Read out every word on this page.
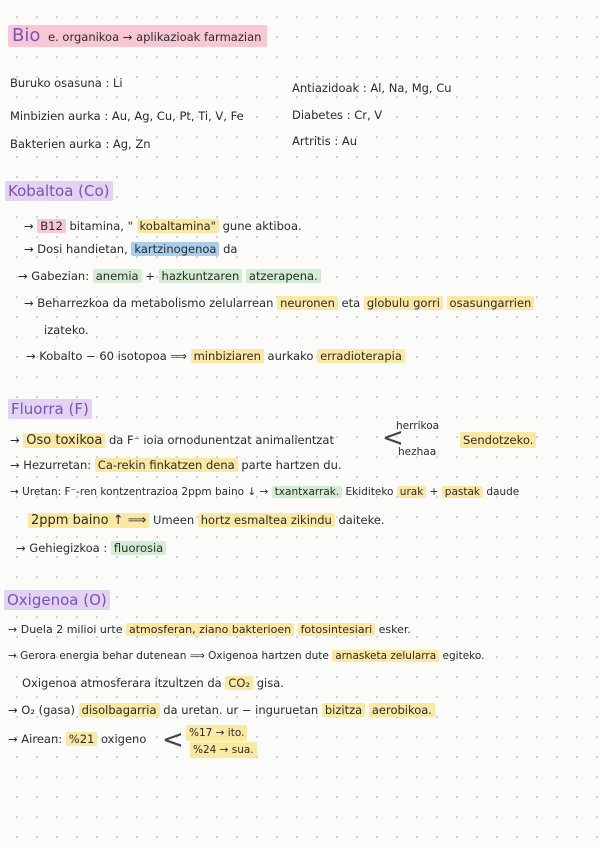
Bio e. organikoa → aplikazioak farmazian
Buruko osasuna : Li
Minbizien aurka : Au, Ag, Cu, Pt, Ti, V, Fe
Bakterien aurka : Ag, Zn
Antiazidoak : Al, Na, Mg, Cu
Diabetes : Cr, V
Artritis : Au
Kobaltoa (Co)
→ B12 bitamina, " kobaltamina" gune aktiboa.
→ Dosi handietan, kartzinogenoa da
→ Gabezian: anemia + hazkuntzaren atzerapena.
→ Beharrezkoa da metabolismo zelularrean neuronen eta globulu gorri osasungarrien
izateko.
→ Kobalto − 60 isotopoa ⟹ minbiziaren aurkako erradioterapia
Fluorra (F)
→ Oso toxikoa da F⁻ ioia ornodunentzat animalientzat <
herrikoa
hezhaa
Sendotzeko.
→ Hezurretan: Ca-rekin finkatzen dena parte hartzen du.
→ Uretan: F⁻-ren kontzentrazioa 2ppm baino ↓ → txantxarrak. Ekiditeko urak + pastak daude
2ppm baino ↑ ⟹ Umeen hortz esmaltea zikindu daiteke.
→ Gehiegizkoa : fluorosia
Oxigenoa (O)
→ Duela 2 milioi urte atmosferan, ziano bakterioen fotosintesiari esker.
→ Gerora energia behar dutenean ⟹ Oxigenoa hartzen dute arnasketa zelularra egiteko.
Oxigenoa atmosferara itzultzen da CO₂ gisa.
→ O₂ (gasa) disolbagarria da uretan. ur − inguruetan bizitza aerobikoa.
→ Airean: %21 oxigeno < %17 → ito.
%24 → sua.
